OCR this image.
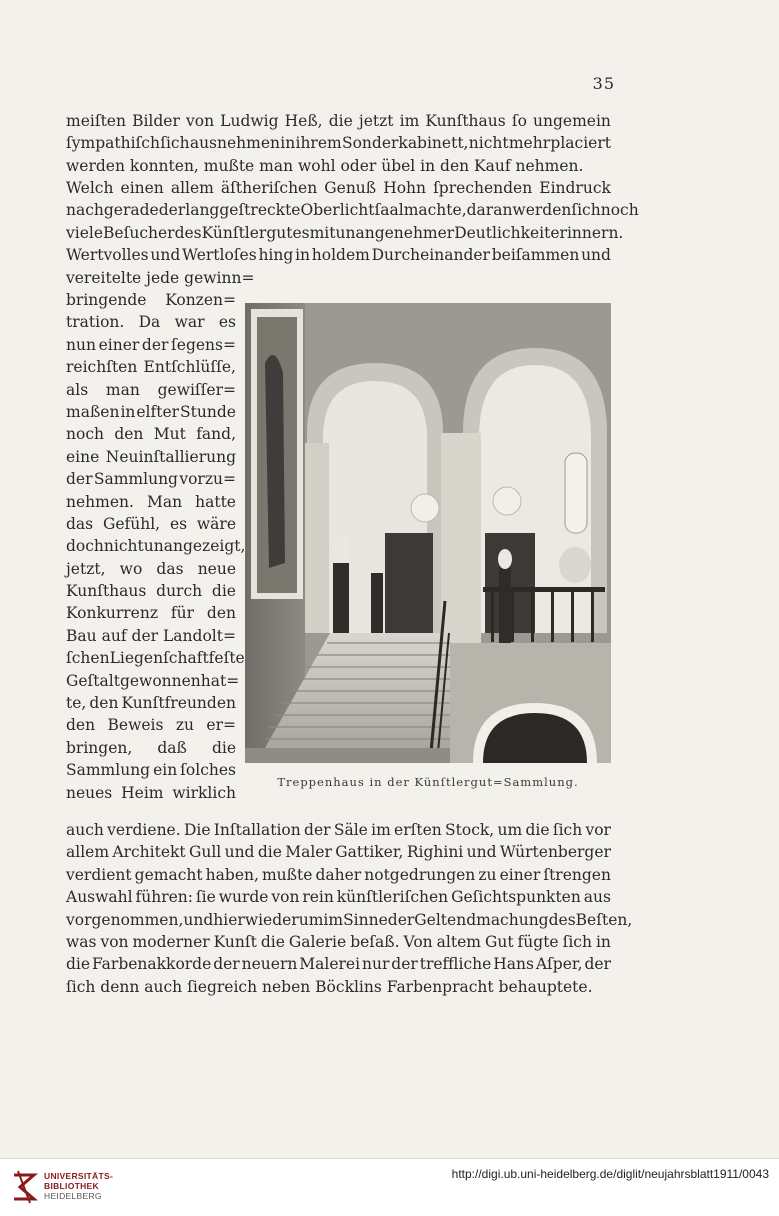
35
meiſten Bilder von Ludwig Heß, die jetzt im Kunſthaus ſo ungemein
ſympathiſch ſich ausnehmen in ihrem Sonderkabinett, nicht mehr placiert
werden konnten, mußte man wohl oder übel in den Kauf nehmen.
Welch einen allem äſtheriſchen Genuß Hohn ſprechenden Eindruck
nachgerade der langgeſtreckte Oberlichtſaal machte, daran werden ſich noch
viele Beſucher des Künſtlergutes mit unangenehmer Deutlichkeit erinnern.
Wertvolles und Wertloſes hing in holdem Durcheinander beiſammen und
vereitelte jede gewinn=
bringende Konzen=
tration. Da war es
nun einer der ſegens=
reichſten Entſchlüſſe,
als man gewiſſer=
maßen in elfter Stunde
noch den Mut fand,
eine Neuinſtallierung
der Sammlung vorzu=
nehmen. Man hatte
das Gefühl, es wäre
doch nicht unangezeigt,
jetzt, wo das neue
Kunſthaus durch die
Konkurrenz für den
Bau auf der Landolt=
ſchen Liegenſchaft feſte
Geſtalt gewonnen hat=
te, den Kunſtfreunden
den Beweis zu er=
bringen, daß die
Sammlung ein ſolches
neues Heim wirklich
Treppenhaus in der Künſtlergut=Sammlung.
auch verdiene. Die Inſtallation der Säle im erſten Stock, um die ſich vor
allem Architekt Gull und die Maler Gattiker, Righini und Würtenberger
verdient gemacht haben, mußte daher notgedrungen zu einer ſtrengen
Auswahl führen: ſie wurde von rein künſtleriſchen Geſichtspunkten aus
vorgenommen, und hier wiederum im Sinne der Geltendmachung des Beſten,
was von moderner Kunſt die Galerie beſaß. Von altem Gut fügte ſich in
die Farbenakkorde der neuern Malerei nur der treffliche Hans Aſper, der
ſich denn auch ſiegreich neben Böcklins Farbenpracht behauptete.
UNIVERSITÄTS-
BIBLIOTHEK
HEIDELBERG
http://digi.ub.uni-heidelberg.de/diglit/neujahrsblatt1911/0043
